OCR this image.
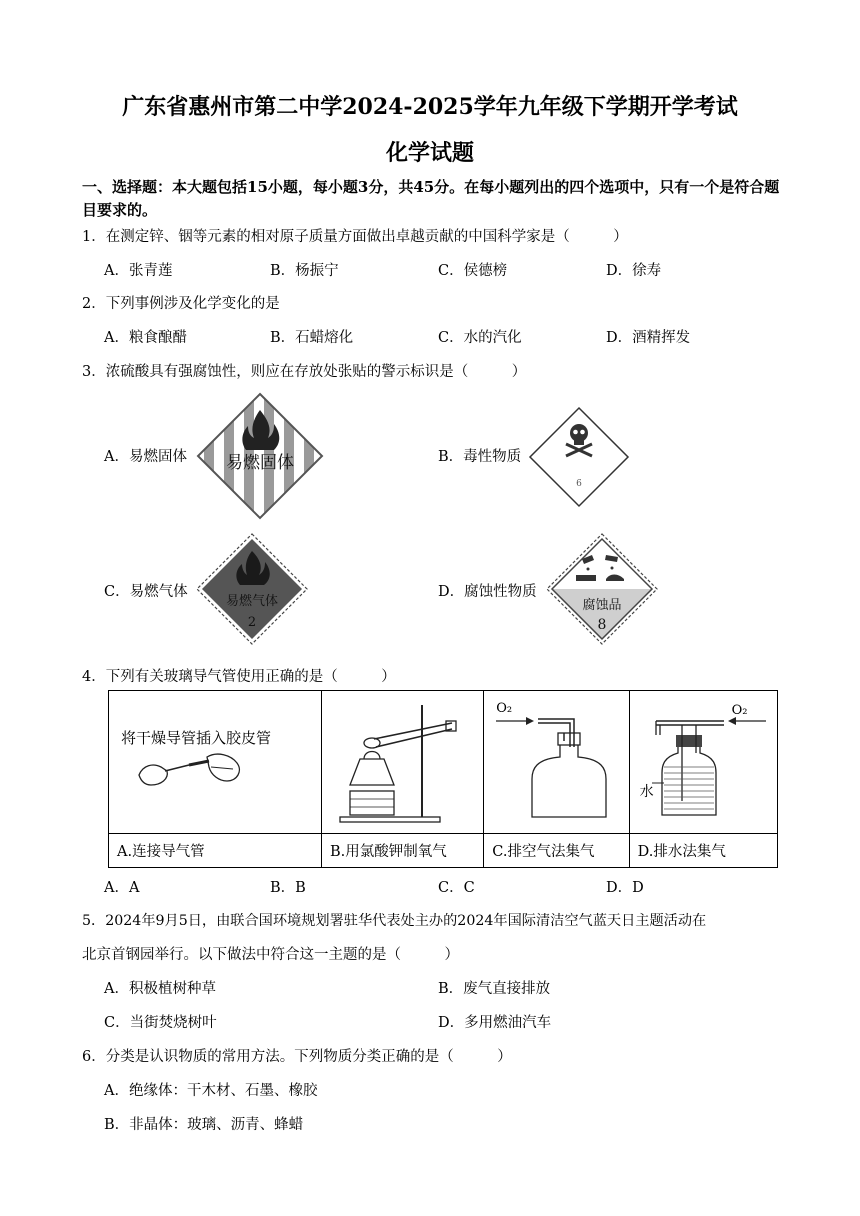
广东省惠州市第二中学2024-2025学年九年级下学期开学考试
化学试题
一、选择题：本大题包括15小题，每小题3分，共45分。在每小题列出的四个选项中，只有一个是符合题目要求的。
1．在测定锌、铟等元素的相对原子质量方面做出卓越贡献的中国科学家是（　　　）
A．张青莲	B．杨振宁	C．侯德榜	D．徐寿
2．下列事例涉及化学变化的是
A．粮食酿醋	B．石蜡熔化	C．水的汽化	D．酒精挥发
3．浓硫酸具有强腐蚀性，则应在存放处张贴的警示标识是（　　　）
A．易燃固体	B．毒性物质
C．易燃气体	D．腐蚀性物质
易燃固体
6
易燃气体
2
腐蚀品
8
4．下列有关玻璃导气管使用正确的是（　　　）
将干燥导管插入胶皮管		O₂	O₂
水

A.连接导气管	B.用氯酸钾制氧气	C.排空气法集气	D.排水法集气
A．A	B．B	C．C	D．D
5．2024年9月5日，由联合国环境规划署驻华代表处主办的2024年国际清洁空气蓝天日主题活动在
北京首钢园举行。以下做法中符合这一主题的是（　　　）
A．积极植树种草	B．废气直接排放
C．当街焚烧树叶	D．多用燃油汽车
6．分类是认识物质的常用方法。下列物质分类正确的是（　　　）
A．绝缘体：干木材、石墨、橡胶
B．非晶体：玻璃、沥青、蜂蜡
